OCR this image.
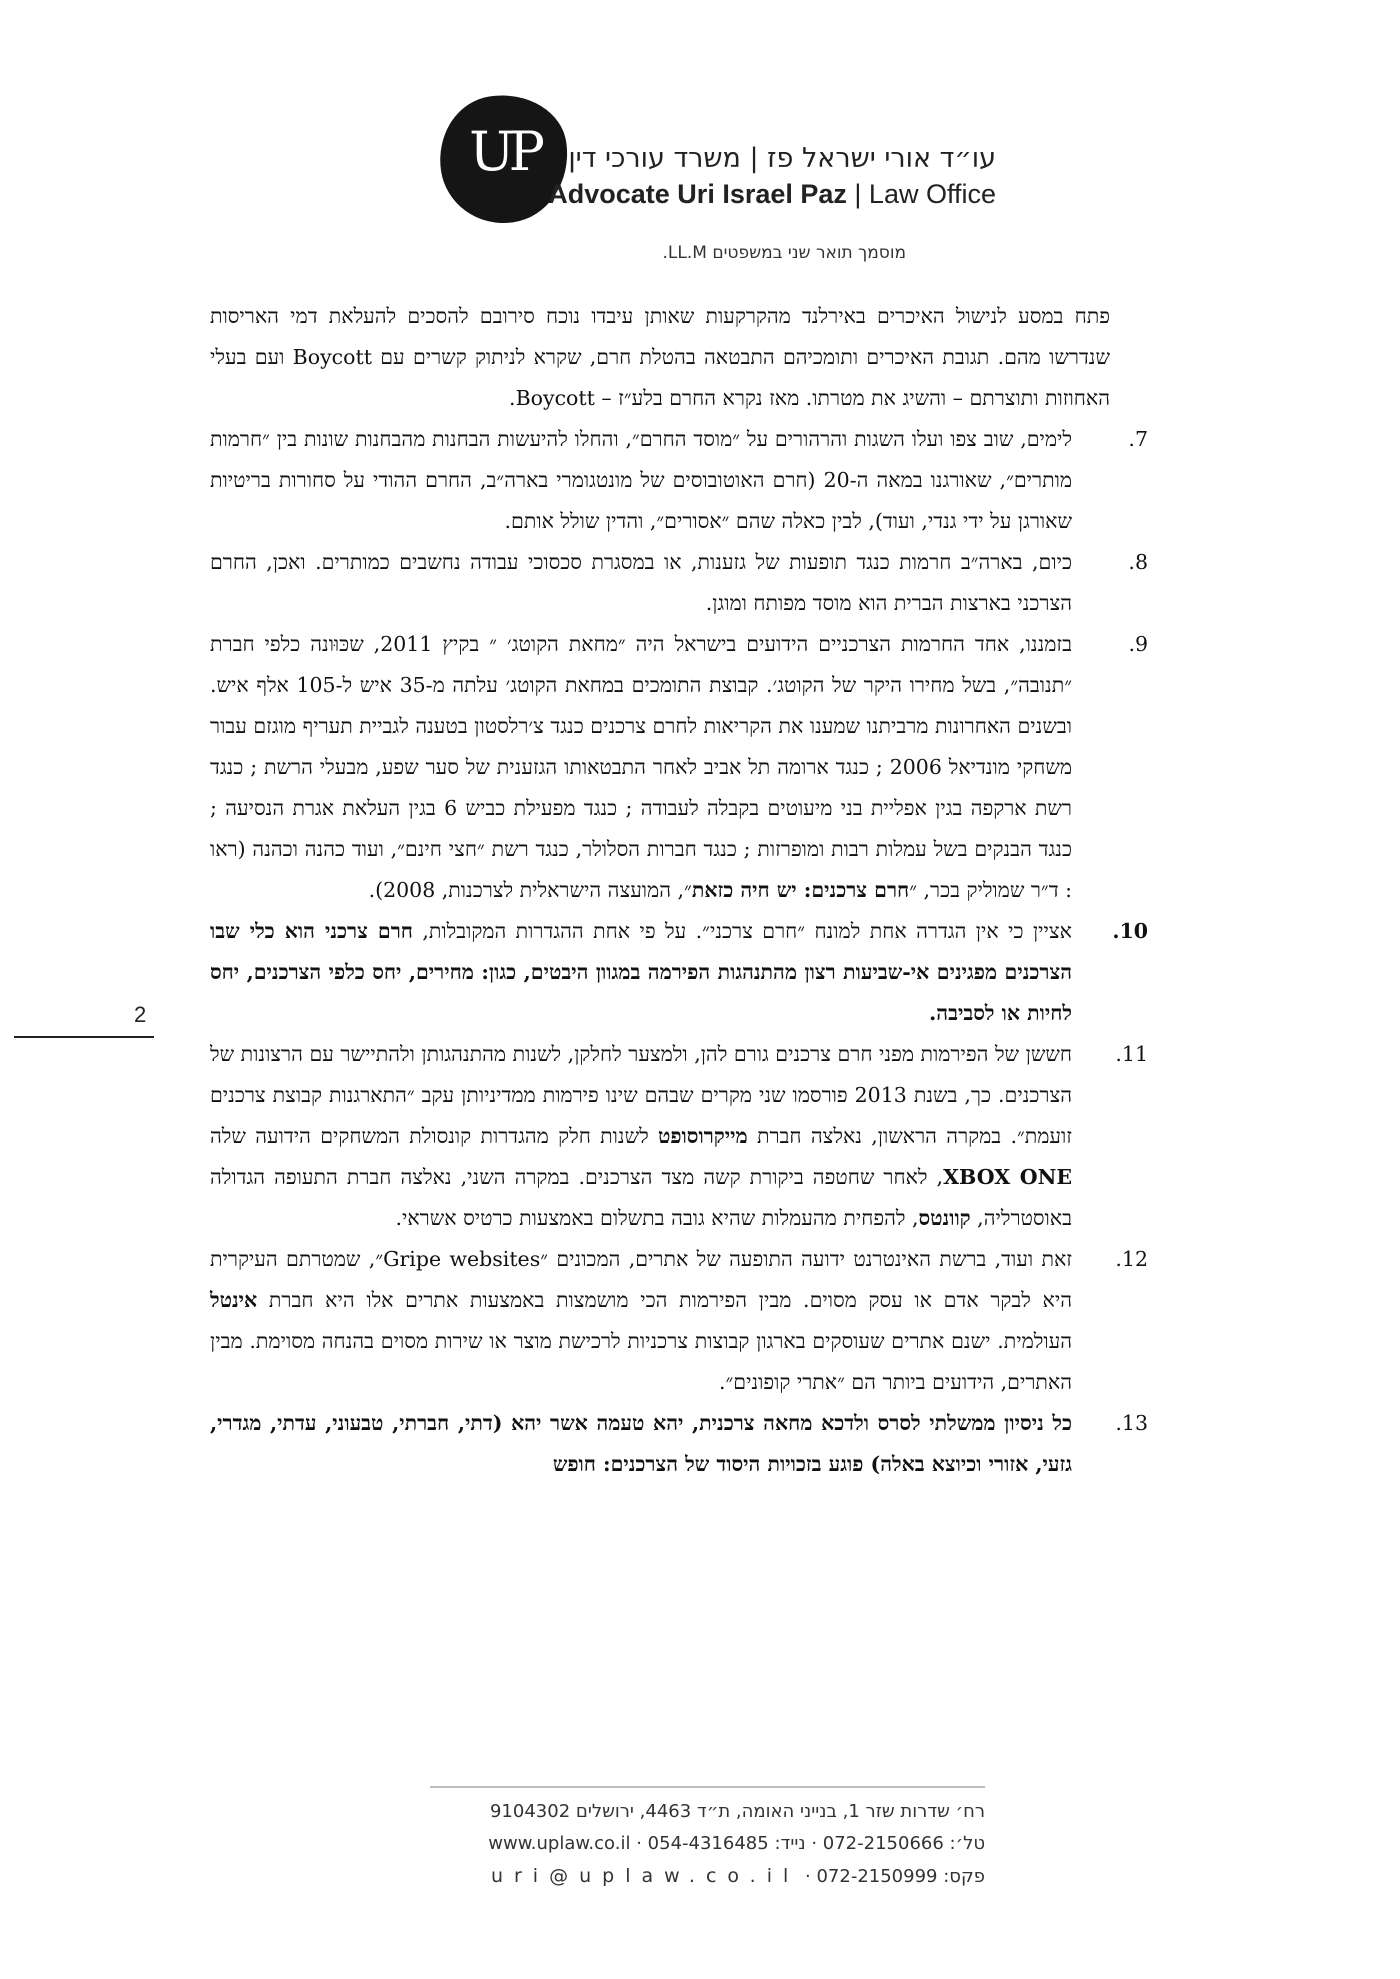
UP	עו״ד אורי ישראל פז | משרד עורכי דין
Advocate Uri Israel Paz | Law Office
מוסמך תואר שני במשפטים LL.M.
2

פתח במסע לנישול האיכרים באירלנד מהקרקעות שאותן עיבדו נוכח סירובם להסכים להעלאת דמי האריסות שנדרשו מהם. תגובת האיכרים ותומכיהם התבטאה בהטלת חרם, שקרא לניתוק קשרים עם Boycott ועם בעלי האחוזות ותוצרתם – והשיג את מטרתו. מאז נקרא החרם בלע״ז – Boycott.

7.לימים, שוב צפו ועלו השגות והרהורים על ״מוסד החרם״, והחלו להיעשות הבחנות מהבחנות שונות בין ״חרמות מותרים״, שאורגנו במאה ה-20 (חרם האוטובוסים של מונטגומרי בארה״ב, החרם ההודי על סחורות בריטיות שאורגן על ידי גנדי, ועוד), לבין כאלה שהם ״אסורים״, והדין שולל אותם.

8.כיום, בארה״ב חרמות כנגד תופעות של גזענות, או במסגרת סכסוכי עבודה נחשבים כמותרים. ואכן, החרם הצרכני בארצות הברית הוא מוסד מפותח ומוגן.

9.בזמננו, אחד החרמות הצרכניים הידועים בישראל היה ״מחאת הקוטג׳ ״ בקיץ 2011, שכּוּונה כלפי חברת ״תנובה״, בשל מחירו היקר של הקוטג׳. קבוצת התומכים במחאת הקוטג׳ עלתה מ-35 איש ל-105 אלף איש. ובשנים האחרונות מרביתנו שמענו את הקריאות לחרם צרכנים כנגד צ׳רלסטון בטענה לגביית תעריף מוגזם עבור משחקי מונדיאל 2006 ; כנגד ארומה תל אביב לאחר התבטאותו הגזענית של סער שפע, מבעלי הרשת ; כנגד רשת ארקפה בגין אפליית בני מיעוטים בקבלה לעבודה ; כנגד מפעילת כביש 6 בגין העלאת אגרת הנסיעה ; כנגד הבנקים בשל עמלות רבות ומופרזות ; כנגד חברות הסלולר, כנגד רשת ״חצי חינם״, ועוד כהנה וכהנה (ראו : ד״ר שמוליק בכר, ״חרם צרכנים: יש חיה כזאת״, המועצה הישראלית לצרכנות, 2008).

10.אציין כי אין הגדרה אחת למונח ״חרם צרכני״. על פי אחת ההגדרות המקובלות, חרם צרכני הוא כלי שבו הצרכנים מפגינים אי-שביעות רצון מהתנהגות הפירמה במגוון היבטים, כגון: מחירים, יחס כלפי הצרכנים, יחס לחיות או לסביבה.

11.חששן של הפירמות מפני חרם צרכנים גורם להן, ולמצער לחלקן, לשנות מהתנהגותן ולהתיישר עם הרצונות של הצרכנים. כך, בשנת 2013 פורסמו שני מקרים שבהם שינו פירמות ממדיניותן עקב ״התארגנות קבוצת צרכנים זועמת״. במקרה הראשון, נאלצה חברת מייקרוסופט לשנות חלק מהגדרות קונסולת המשחקים הידועה שלה XBOX ONE, לאחר שחטפה ביקורת קשה מצד הצרכנים. במקרה השני, נאלצה חברת התעופה הגדולה באוסטרליה, קוונטס, להפחית מהעמלות שהיא גובה בתשלום באמצעות כרטיס אשראי.

12.זאת ועוד, ברשת האינטרנט ידועה התופעה של אתרים, המכונים ״Gripe websites״, שמטרתם העיקרית היא לבקר אדם או עסק מסוים. מבין הפירמות הכי מושמצות באמצעות אתרים אלו היא חברת אינטל העולמית. ישנם אתרים שעוסקים בארגון קבוצות צרכניות לרכישת מוצר או שירות מסוים בהנחה מסוימת. מבין האתרים, הידועים ביותר הם ״אתרי קופונים״.

13.כל ניסיון ממשלתי לסרס ולדכא מחאה צרכנית, יהא טעמה אשר יהא (דתי, חברתי, טבעוני, עדתי, מגדרי, גזעי, אזורי וכיוצא באלה) פוגע בזכויות היסוד של הצרכנים: חופש

רח׳ שדרות שזר 1, בנייני האומה, ת״ד 4463, ירושלים 9104302
טל׳: 072-2150666 · נייד: 054-4316485 · www.uplaw.co.il
פקס: 072-2150999 · uri@uplaw.co.il
